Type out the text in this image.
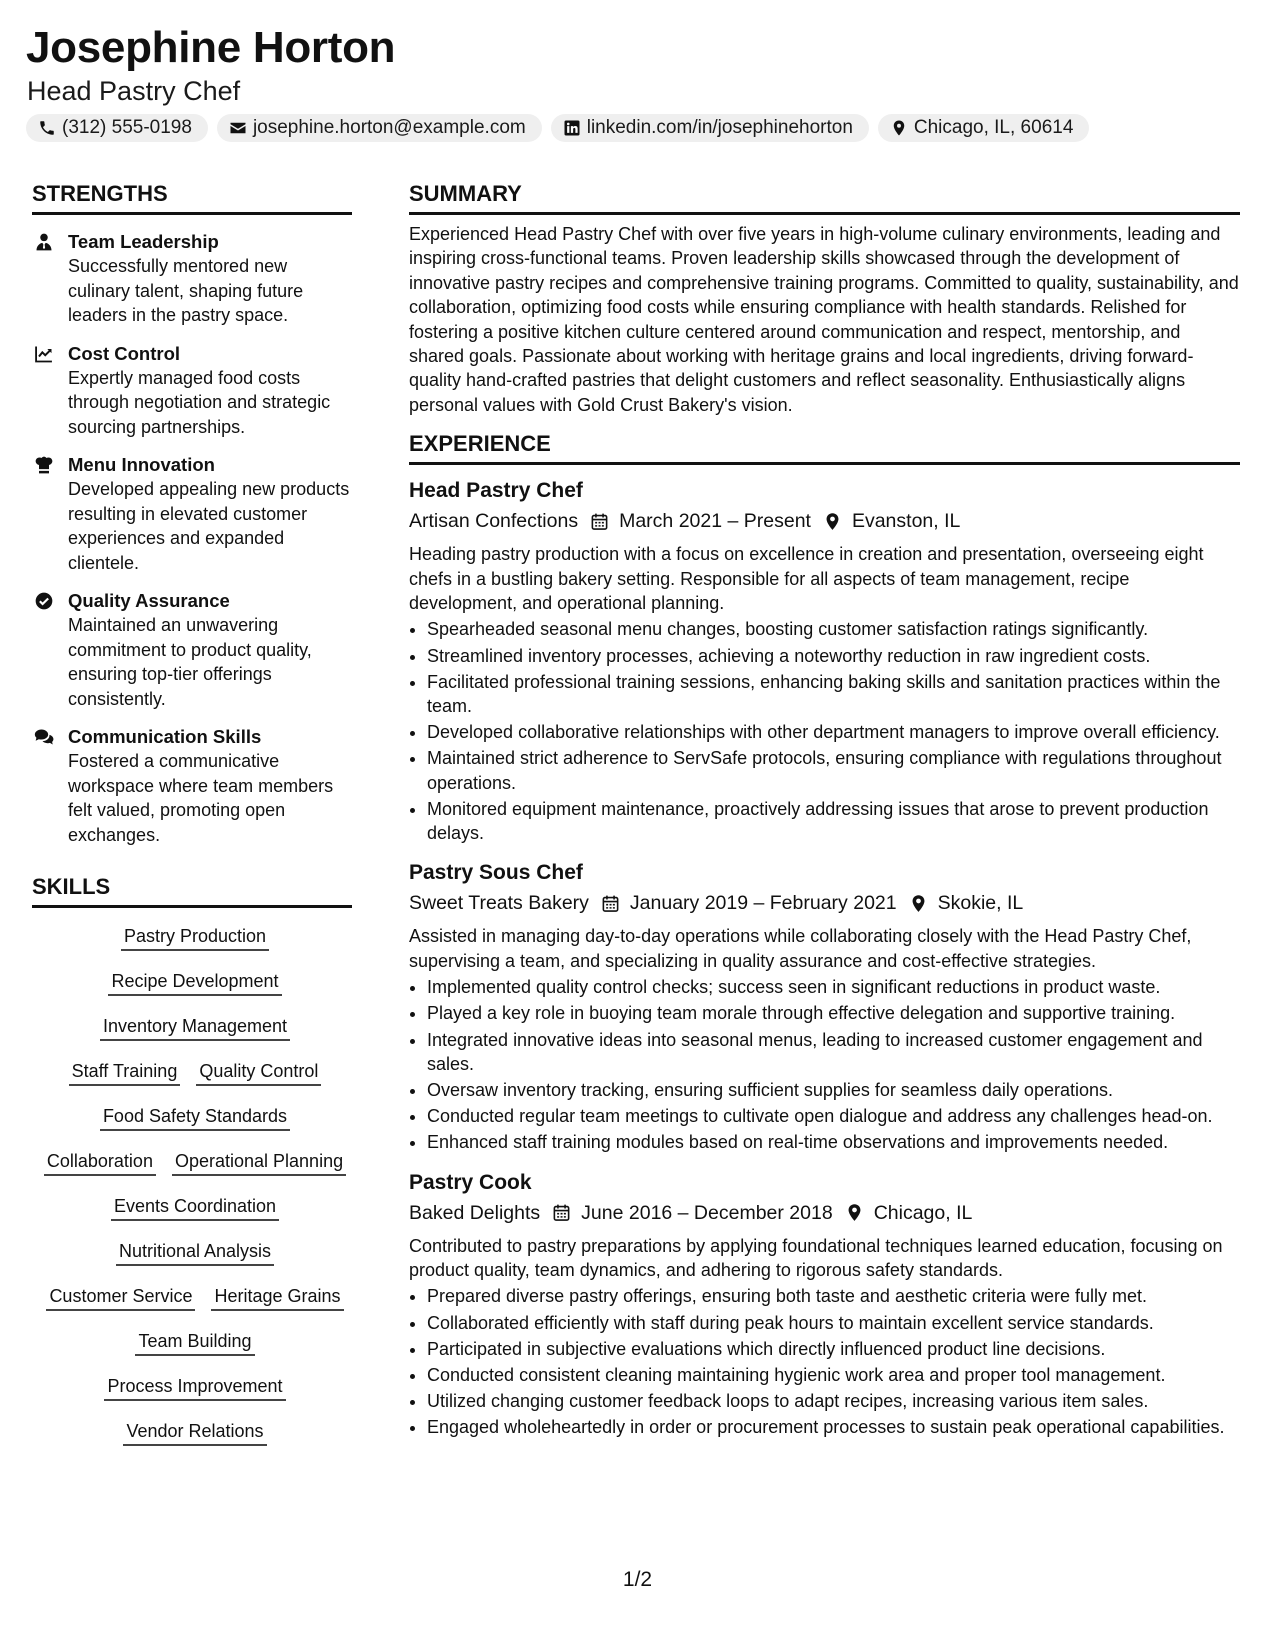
Josephine Horton
Head Pastry Chef
(312) 555-0198	josephine.horton@example.com	linkedin.com/in/josephinehorton	Chicago, IL, 60614
STRENGTHS
Team Leadership
Successfully mentored new culinary talent, shaping future leaders in the pastry space.
Cost Control
Expertly managed food costs through negotiation and strategic sourcing partnerships.
Menu Innovation
Developed appealing new products resulting in elevated customer experiences and expanded clientele.
Quality Assurance
Maintained an unwavering commitment to product quality, ensuring top-tier offerings consistently.
Communication Skills
Fostered a communicative workspace where team members felt valued, promoting open exchanges.
SKILLS
Pastry Production
Recipe Development
Inventory Management
Staff Training Quality Control
Food Safety Standards
Collaboration Operational Planning
Events Coordination
Nutritional Analysis
Customer Service Heritage Grains
Team Building
Process Improvement
Vendor Relations
SUMMARY
Experienced Head Pastry Chef with over five years in high-volume culinary environments, leading and inspiring cross-functional teams. Proven leadership skills showcased through the development of innovative pastry recipes and comprehensive training programs. Committed to quality, sustainability, and collaboration, optimizing food costs while ensuring compliance with health standards. Relished for fostering a positive kitchen culture centered around communication and respect, mentorship, and shared goals. Passionate about working with heritage grains and local ingredients, driving forward-quality hand-crafted pastries that delight customers and reflect seasonality. Enthusiastically aligns personal values with Gold Crust Bakery's vision.
EXPERIENCE
Head Pastry Chef
Artisan Confections March 2021 – Present Evanston, IL
Heading pastry production with a focus on excellence in creation and presentation, overseeing eight chefs in a bustling bakery setting. Responsible for all aspects of team management, recipe development, and operational planning.
• Spearheaded seasonal menu changes, boosting customer satisfaction ratings significantly.
• Streamlined inventory processes, achieving a noteworthy reduction in raw ingredient costs.
• Facilitated professional training sessions, enhancing baking skills and sanitation practices within the team.
• Developed collaborative relationships with other department managers to improve overall efficiency.
• Maintained strict adherence to ServSafe protocols, ensuring compliance with regulations throughout operations.
• Monitored equipment maintenance, proactively addressing issues that arose to prevent production delays.
Pastry Sous Chef
Sweet Treats Bakery January 2019 – February 2021 Skokie, IL
Assisted in managing day-to-day operations while collaborating closely with the Head Pastry Chef, supervising a team, and specializing in quality assurance and cost-effective strategies.
• Implemented quality control checks; success seen in significant reductions in product waste.
• Played a key role in buoying team morale through effective delegation and supportive training.
• Integrated innovative ideas into seasonal menus, leading to increased customer engagement and sales.
• Oversaw inventory tracking, ensuring sufficient supplies for seamless daily operations.
• Conducted regular team meetings to cultivate open dialogue and address any challenges head-on.
• Enhanced staff training modules based on real-time observations and improvements needed.
Pastry Cook
Baked Delights June 2016 – December 2018 Chicago, IL
Contributed to pastry preparations by applying foundational techniques learned education, focusing on product quality, team dynamics, and adhering to rigorous safety standards.
• Prepared diverse pastry offerings, ensuring both taste and aesthetic criteria were fully met.
• Collaborated efficiently with staff during peak hours to maintain excellent service standards.
• Participated in subjective evaluations which directly influenced product line decisions.
• Conducted consistent cleaning maintaining hygienic work area and proper tool management.
• Utilized changing customer feedback loops to adapt recipes, increasing various item sales.
• Engaged wholeheartedly in order or procurement processes to sustain peak operational capabilities.
1/2
